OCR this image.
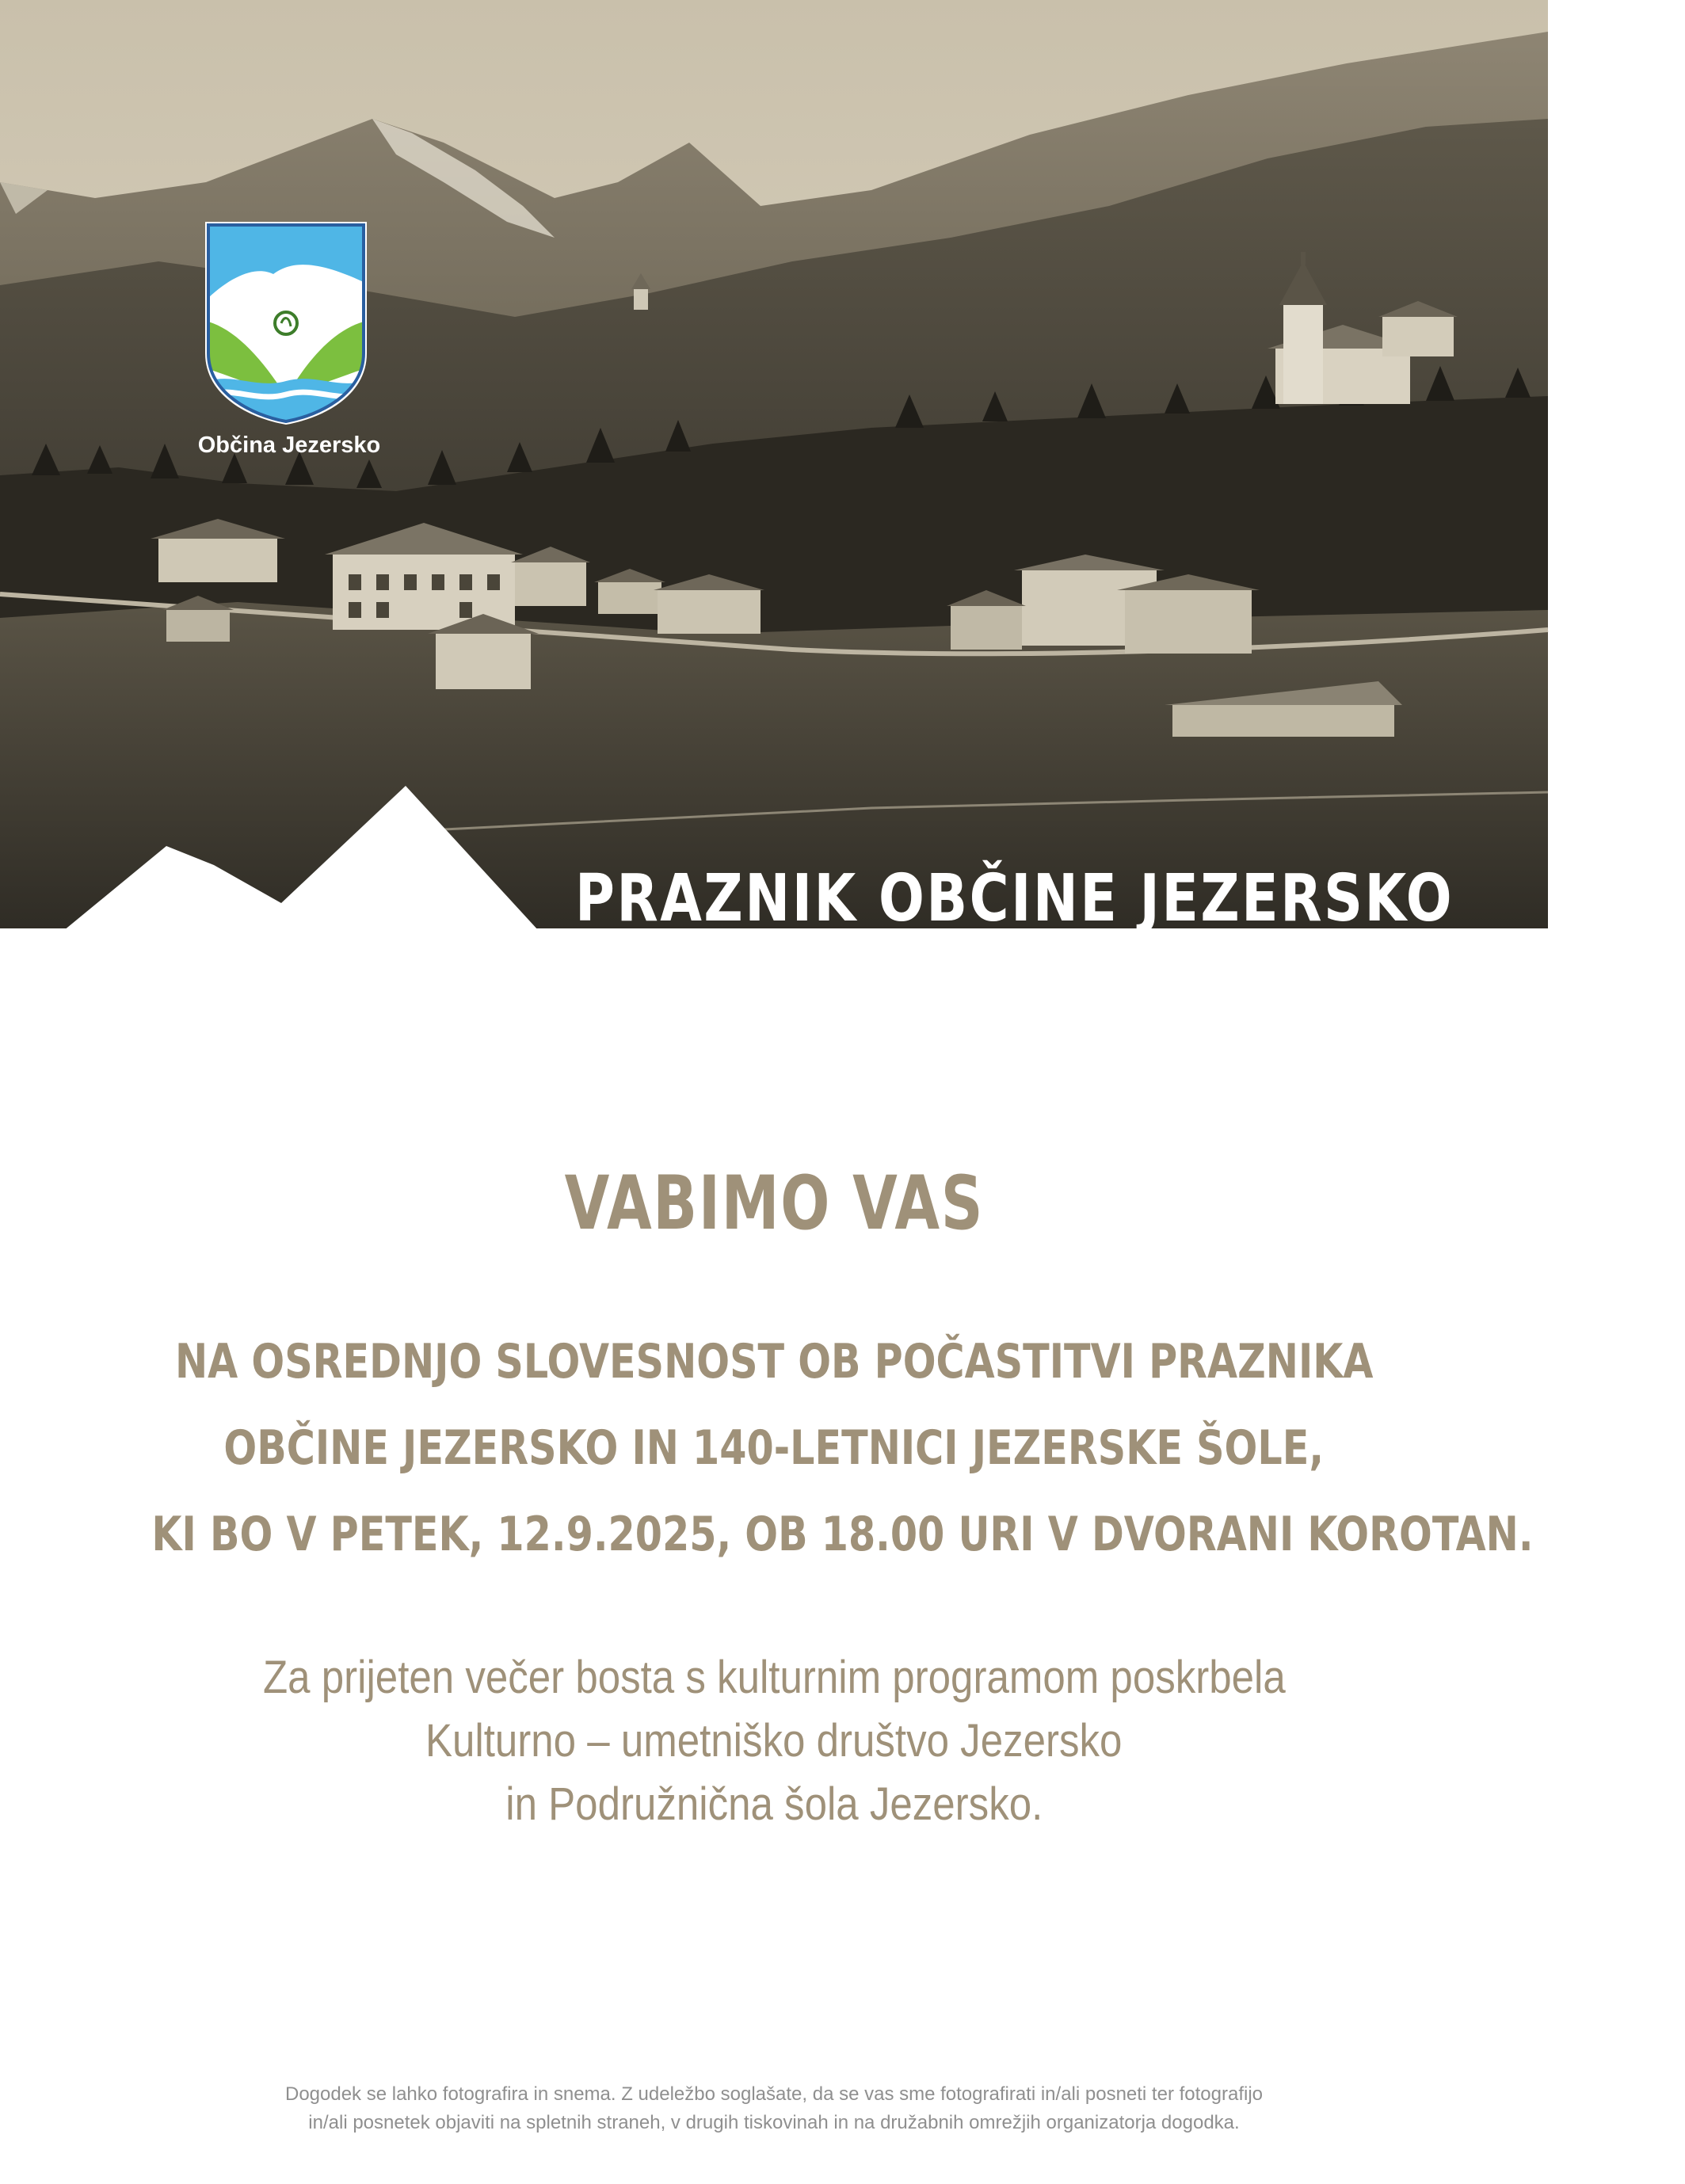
Občina Jezersko
PRAZNIK OBČINE JEZERSKO
VABIMO VAS
NA OSREDNJO SLOVESNOST OB POČASTITVI PRAZNIKA
OBČINE JEZERSKO IN 140-LETNICI JEZERSKE ŠOLE,
KI BO V PETEK, 12.9.2025, OB 18.00 URI V DVORANI KOROTAN.
Za prijeten večer bosta s kulturnim programom poskrbela
Kulturno – umetniško društvo Jezersko
in Podružnična šola Jezersko.
Dogodek se lahko fotografira in snema. Z udeležbo soglašate, da se vas sme fotografirati in/ali posneti ter fotografijo
in/ali posnetek objaviti na spletnih straneh, v drugih tiskovinah in na družabnih omrežjih organizatorja dogodka.
